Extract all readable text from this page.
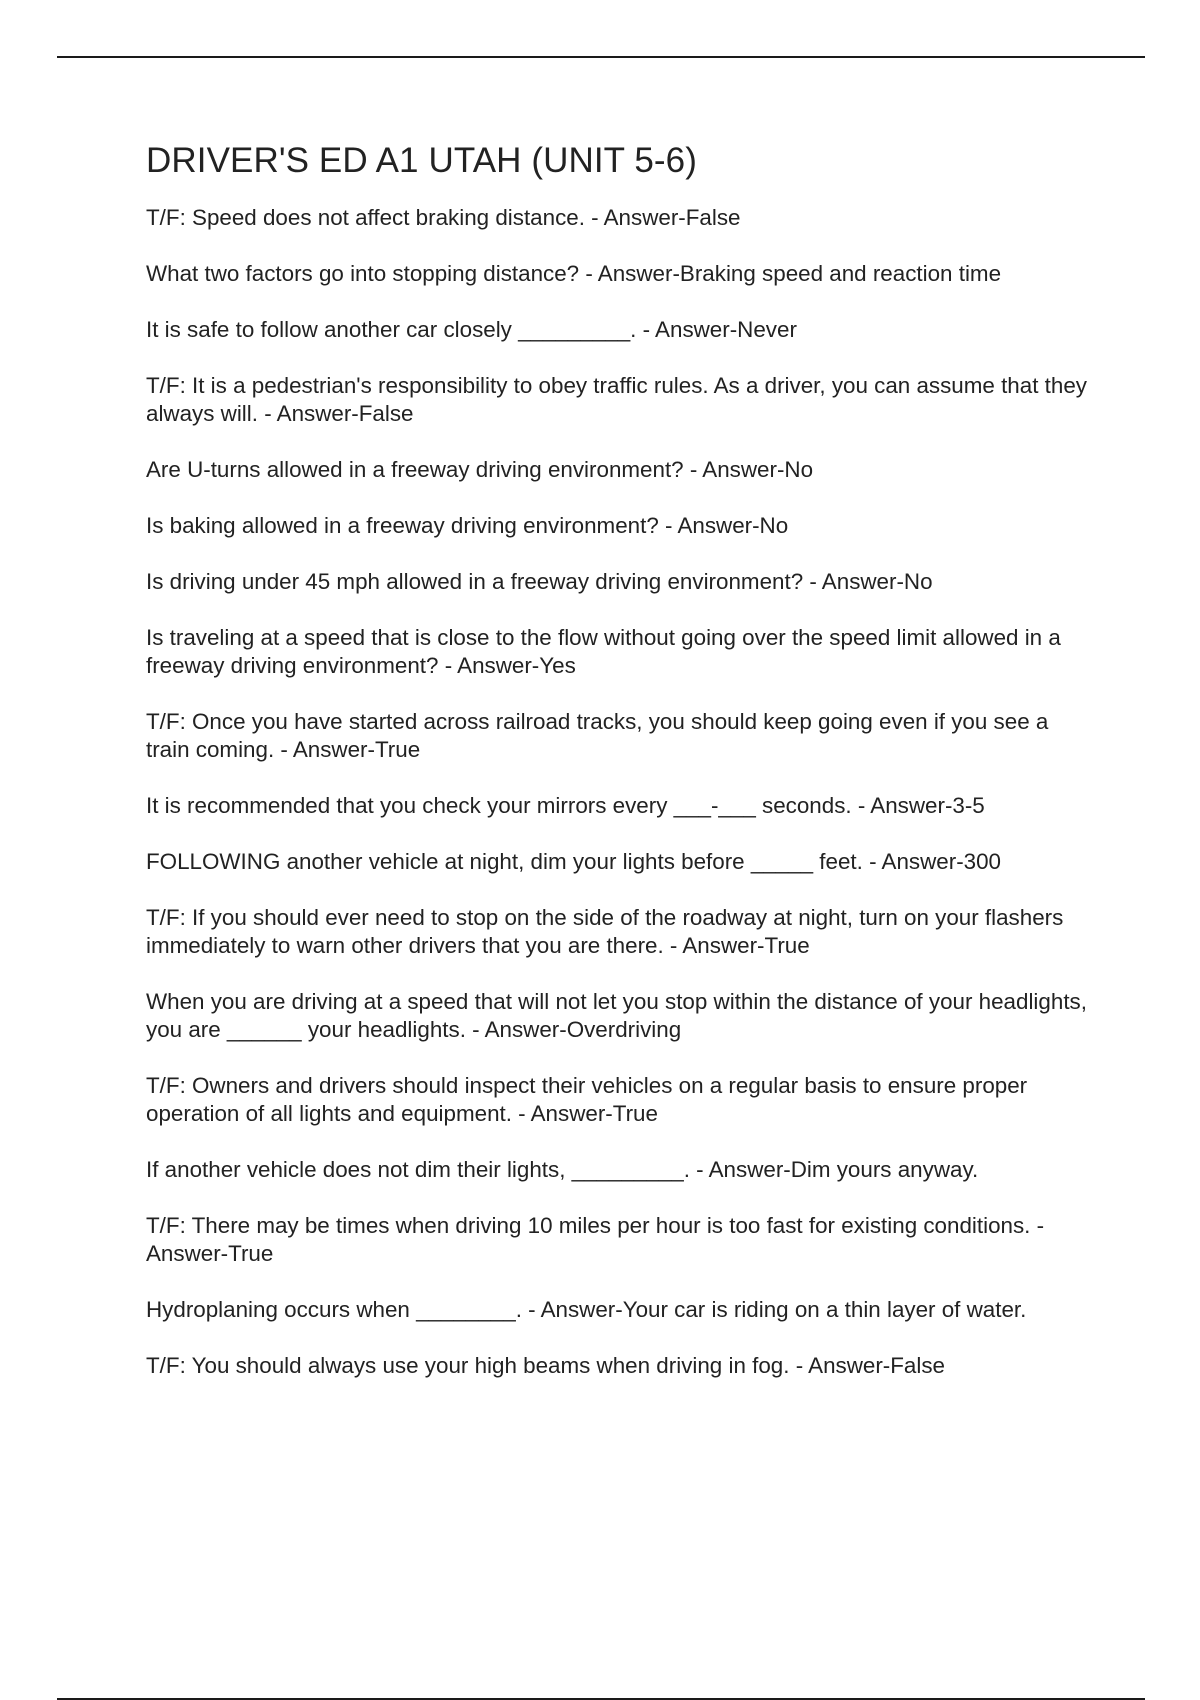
DRIVER'S ED A1 UTAH (UNIT 5-6)
T/F: Speed does not affect braking distance. - Answer-False
What two factors go into stopping distance? - Answer-Braking speed and reaction time
It is safe to follow another car closely _________. - Answer-Never
T/F: It is a pedestrian's responsibility to obey traffic rules. As a driver, you can assume that they always will. - Answer-False
Are U-turns allowed in a freeway driving environment? - Answer-No
Is baking allowed in a freeway driving environment? - Answer-No
Is driving under 45 mph allowed in a freeway driving environment? - Answer-No
Is traveling at a speed that is close to the flow without going over the speed limit allowed in a freeway driving environment? - Answer-Yes
T/F: Once you have started across railroad tracks, you should keep going even if you see a train coming. - Answer-True
It is recommended that you check your mirrors every ___-___ seconds. - Answer-3-5
FOLLOWING another vehicle at night, dim your lights before _____ feet. - Answer-300
T/F: If you should ever need to stop on the side of the roadway at night, turn on your flashers immediately to warn other drivers that you are there. - Answer-True
When you are driving at a speed that will not let you stop within the distance of your headlights, you are ______ your headlights. - Answer-Overdriving
T/F: Owners and drivers should inspect their vehicles on a regular basis to ensure proper operation of all lights and equipment. - Answer-True
If another vehicle does not dim their lights, _________. - Answer-Dim yours anyway.
T/F: There may be times when driving 10 miles per hour is too fast for existing conditions. - Answer-True
Hydroplaning occurs when ________. - Answer-Your car is riding on a thin layer of water.
T/F: You should always use your high beams when driving in fog. - Answer-False
